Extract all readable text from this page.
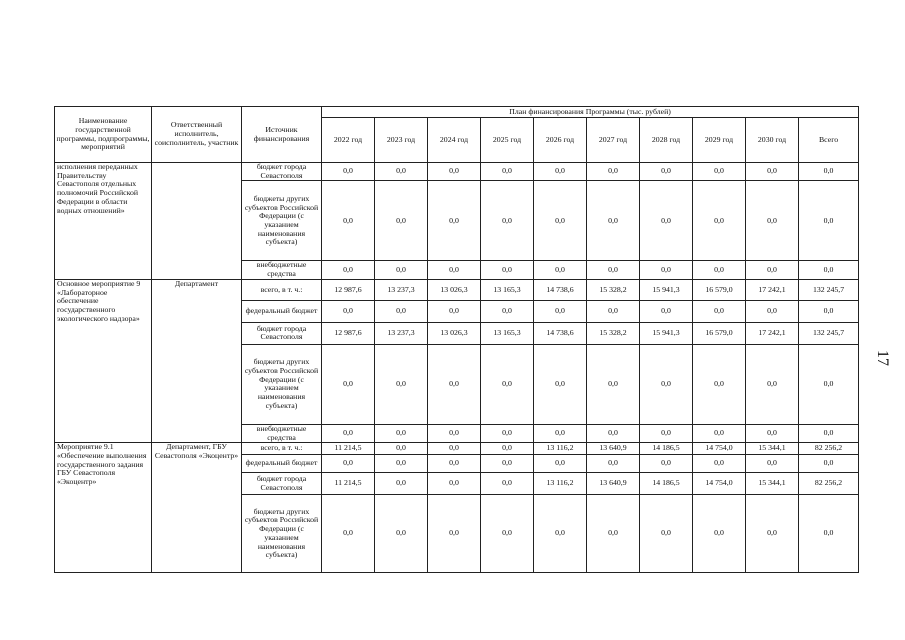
Наименование государственной программы, подпрограммы, мероприятий	Ответственный исполнитель, соисполнитель, участник	Источник финансирования	План финансирования Программы (тыс. рублей)									
			2022 год	2023 год	2024 год	2025 год	2026 год	2027 год	2028 год	2029 год	2030 год	Всего
исполнения переданных Правительству Севастополя отдельных полномочий Российской Федерации в области водных отношений»		бюджет города Севастополя	0,0	0,0	0,0	0,0	0,0	0,0	0,0	0,0	0,0	0,0
		бюджеты других субъектов Российской Федерации (с указанием наименования субъекта)	0,0	0,0	0,0	0,0	0,0	0,0	0,0	0,0	0,0	0,0
		внебюджетные средства	0,0	0,0	0,0	0,0	0,0	0,0	0,0	0,0	0,0	0,0
Основное мероприятие 9 «Лабораторное обеспечение государственного экологического надзора»	Департамент	всего, в т. ч.:	12 987,6	13 237,3	13 026,3	13 165,3	14 738,6	15 328,2	15 941,3	16 579,0	17 242,1	132 245,7
		федеральный бюджет	0,0	0,0	0,0	0,0	0,0	0,0	0,0	0,0	0,0	0,0
		бюджет города Севастополя	12 987,6	13 237,3	13 026,3	13 165,3	14 738,6	15 328,2	15 941,3	16 579,0	17 242,1	132 245,7
		бюджеты других субъектов Российской Федерации (с указанием наименования субъекта)	0,0	0,0	0,0	0,0	0,0	0,0	0,0	0,0	0,0	0,0
		внебюджетные средства	0,0	0,0	0,0	0,0	0,0	0,0	0,0	0,0	0,0	0,0
Мероприятие 9.1 «Обеспечение выполнения государственного задания ГБУ Севастополя «Экоцентр»	Департамент, ГБУ Севастополя «Экоцентр»	всего, в т. ч.:	11 214,5	0,0	0,0	0,0	13 116,2	13 640,9	14 186,5	14 754,0	15 344,1	82 256,2
		федеральный бюджет	0,0	0,0	0,0	0,0	0,0	0,0	0,0	0,0	0,0	0,0
		бюджет города Севастополя	11 214,5	0,0	0,0	0,0	13 116,2	13 640,9	14 186,5	14 754,0	15 344,1	82 256,2
		бюджеты других субъектов Российской Федерации (с указанием наименования субъекта)	0,0	0,0	0,0	0,0	0,0	0,0	0,0	0,0	0,0	0,0
17
